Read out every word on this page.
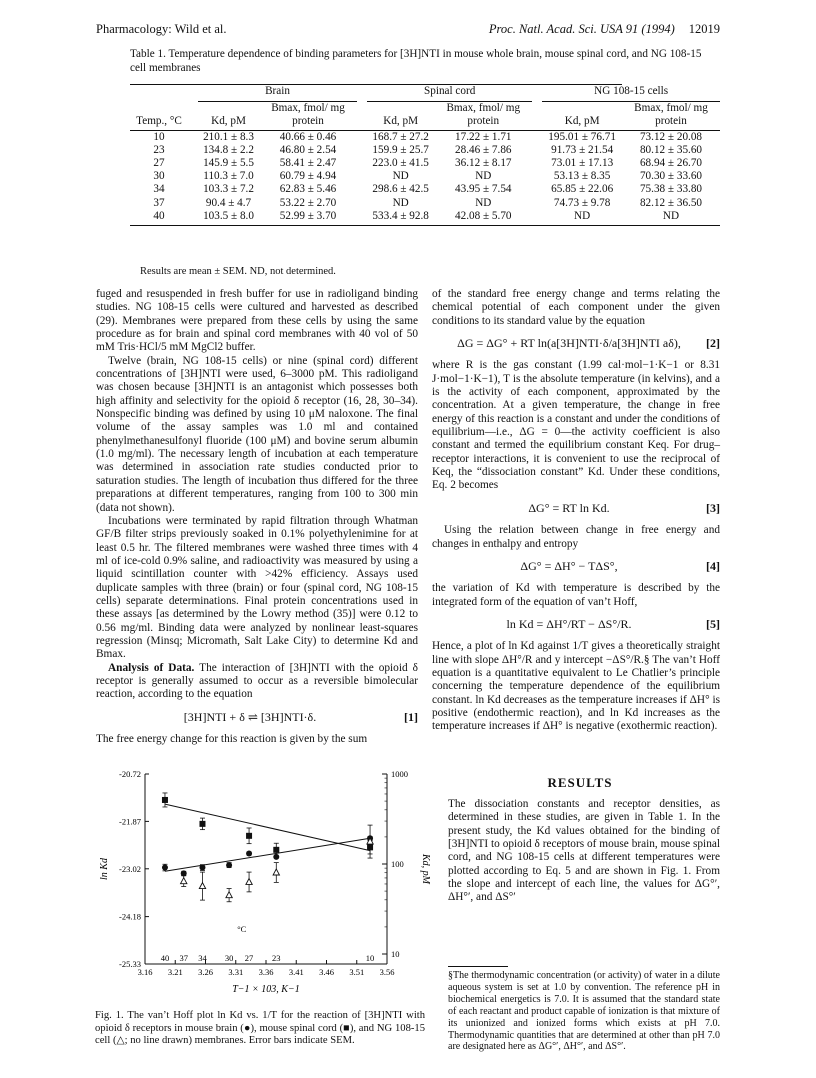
Pharmacology: Wild et al.	Proc. Natl. Acad. Sci. USA 91 (1994) 12019
Table 1. Temperature dependence of binding parameters for [3H]NTI in mouse whole brain, mouse spinal cord, and NG 108-15 cell membranes

		Brain			Spinal cord			NG 108-15 cells	
Temp., °C		Kd, pM	Bmax, fmol/ mg protein		Kd, pM	Bmax, fmol/ mg protein		Kd, pM	Bmax, fmol/ mg protein
10		210.1 ± 8.3	40.66 ± 0.46		168.7 ± 27.2	17.22 ± 1.71		195.01 ± 76.71	73.12 ± 20.08
23		134.8 ± 2.2	46.80 ± 2.54		159.9 ± 25.7	28.46 ± 7.86		91.73 ± 21.54	80.12 ± 35.60
27		145.9 ± 5.5	58.41 ± 2.47		223.0 ± 41.5	36.12 ± 8.17		73.01 ± 17.13	68.94 ± 26.70
30		110.3 ± 7.0	60.79 ± 4.94		ND	ND		53.13 ± 8.35	70.30 ± 33.60
34		103.3 ± 7.2	62.83 ± 5.46		298.6 ± 42.5	43.95 ± 7.54		65.85 ± 22.06	75.38 ± 33.80
37		90.4 ± 4.7	53.22 ± 2.70		ND	ND		74.73 ± 9.78	82.12 ± 36.50
40		103.5 ± 8.0	52.99 ± 3.70		533.4 ± 92.8	42.08 ± 5.70		ND	ND
Results are mean ± SEM. ND, not determined.

fuged and resuspended in fresh buffer for use in radioligand binding studies. NG 108-15 cells were cultured and harvested as described (29). Membranes were prepared from these cells by using the same procedure as for brain and spinal cord membranes with 40 vol of 50 mM Tris·HCl/5 mM MgCl2 buffer.

Twelve (brain, NG 108-15 cells) or nine (spinal cord) different concentrations of [3H]NTI were used, 6–3000 pM. This radioligand was chosen because [3H]NTI is an antagonist which possesses both high affinity and selectivity for the opioid δ receptor (16, 28, 30–34). Nonspecific binding was defined by using 10 μM naloxone. The final volume of the assay samples was 1.0 ml and contained phenylmethanesulfonyl fluoride (100 μM) and bovine serum albumin (1.0 mg/ml). The necessary length of incubation at each temperature was determined in association rate studies conducted prior to saturation studies. The length of incubation thus differed for the three preparations at different temperatures, ranging from 100 to 300 min (data not shown).

Incubations were terminated by rapid filtration through Whatman GF/B filter strips previously soaked in 0.1% polyethylenimine for at least 0.5 hr. The filtered membranes were washed three times with 4 ml of ice-cold 0.9% saline, and radioactivity was measured by using a liquid scintillation counter with >42% efficiency. Assays used duplicate samples with three (brain) or four (spinal cord, NG 108-15 cells) separate determinations. Final protein concentrations used in these assays [as determined by the Lowry method (35)] were 0.12 to 0.56 mg/ml. Binding data were analyzed by nonlinear least-squares regression (Minsq; Micromath, Salt Lake City) to determine Kd and Bmax.

Analysis of Data. The interaction of [3H]NTI with the opioid δ receptor is generally assumed to occur as a reversible bimolecular reaction, according to the equation

[3H]NTI + δ ⇌ [3H]NTI·δ.	[1]

The free energy change for this reaction is given by the sum

of the standard free energy change and terms relating the chemical potential of each component under the given conditions to its standard value by the equation

ΔG = ΔG° + RT ln(a[3H]NTI·δ/a[3H]NTI aδ),	[2]

where R is the gas constant (1.99 cal·mol−1·K−1 or 8.31 J·mol−1·K−1), T is the absolute temperature (in kelvins), and a is the activity of each component, approximated by the concentration. At a given temperature, the change in free energy of this reaction is a constant and under the conditions of equilibrium—i.e., ΔG = 0—the activity coefficient is also constant and termed the equilibrium constant Keq. For drug–receptor interactions, it is convenient to use the reciprocal of Keq, the “dissociation constant” Kd. Under these conditions, Eq. 2 becomes

ΔG° = RT ln Kd.	[3]

Using the relation between change in free energy and changes in enthalpy and entropy

ΔG° = ΔH° − TΔS°,	[4]

the variation of Kd with temperature is described by the integrated form of the equation of van’t Hoff,

ln Kd = ΔH°/RT − ΔS°/R.	[5]

Hence, a plot of ln Kd against 1/T gives a theoretically straight line with slope ΔH°/R and y intercept −ΔS°/R.§ The van’t Hoff equation is a quantitative equivalent to Le Chatlier’s principle concerning the temperature dependence of the equilibrium constant. ln Kd decreases as the temperature increases if ΔH° is positive (endothermic reaction), and ln Kd increases as the temperature increases if ΔH° is negative (exothermic reaction).

RESULTS

The dissociation constants and receptor densities, as determined in these studies, are given in Table 1. In the present study, the Kd values obtained for the binding of [3H]NTI to opioid δ receptors of mouse brain, mouse spinal cord, and NG 108-15 cells at different temperatures were plotted according to Eq. 5 and are shown in Fig. 1. From the slope and intercept of each line, the values for ΔG°′, ΔH°′, and ΔS°′

§The thermodynamic concentration (or activity) of water in a dilute aqueous system is set at 1.0 by convention. The reference pH in biochemical energetics is 7.0. It is assumed that the standard state of each reactant and product capable of ionization is that mixture of its unionized and ionized forms which exists at pH 7.0. Thermodynamic quantities that are determined at other than pH 7.0 are designated here as ΔG°′, ΔH°′, and ΔS°′.
-20.72
-21.87
-23.02
-24.18
-25.33
1000
100
10
3.16 3.21 3.26 3.31 3.36 3.41 3.46 3.51 3.56
40 37 34 30 27 23	10
°C
ln Kd	Kd, pM
T−1 × 103, K−1
Fig. 1. The van’t Hoff plot ln Kd vs. 1/T for the reaction of [3H]NTI with opioid δ receptors in mouse brain (●), mouse spinal cord (■), and NG 108-15 cell (△; no line drawn) membranes. Error bars indicate SEM.
